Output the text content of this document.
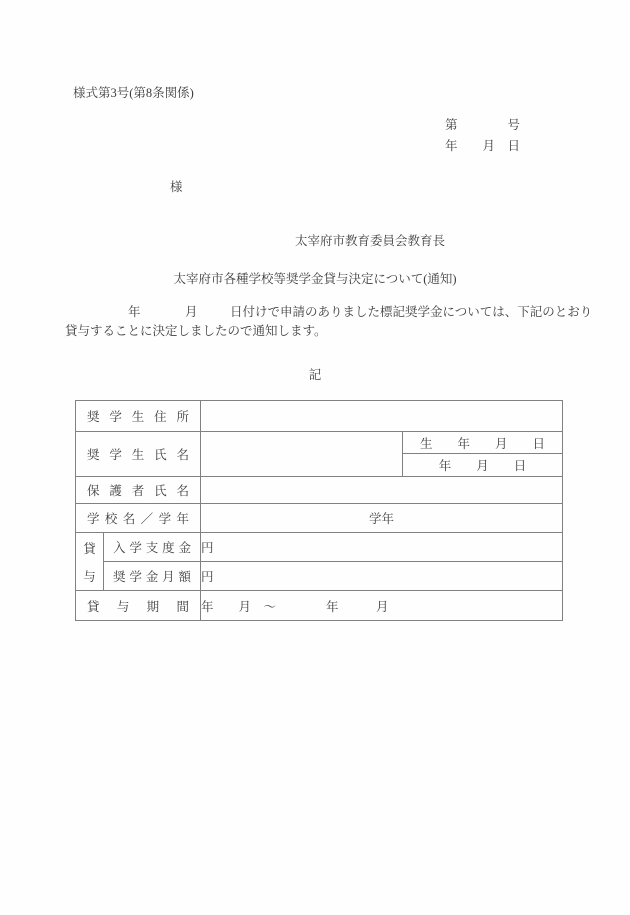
様式第3号(第8条関係)
第　　　　号
年　　月　日
様
太宰府市教育委員会教育長
太宰府市各種学校等奨学金貸与決定について(通知)

年

	月

	日付けで申請のありました標記奨学金については、下記のとおり

貸与することに決定しましたので通知します。
記
奨 学 生 住 所			

奨 学 生 氏 名			生 年 月 日

			年　　月　　日

保 護 者 氏 名			

学 校 名 ／ 学 年	学年

貸
与	入 学 支 度 金	円	

	奨 学 金 月 額	円	

貸 与 期 間		年　　月　～　　　　年　　　月	
